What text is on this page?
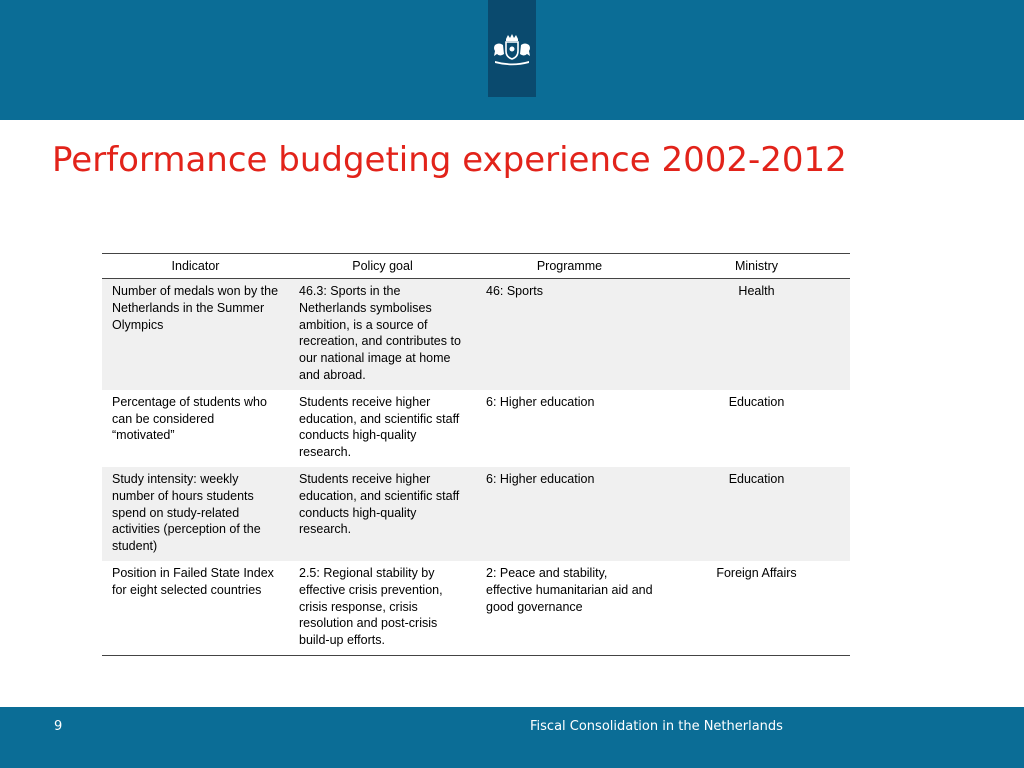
Performance budgeting experience 2002-2012
Indicator	Policy goal	Programme	Ministry
Number of medals won by the Netherlands in the Summer Olympics	46.3: Sports in the Netherlands symbolises ambition, is a source of recreation, and contributes to our national image at home and abroad.	46: Sports	Health
Percentage of students who can be considered “motivated”	Students receive higher education, and scientific staff conducts high-quality research.	6: Higher education	Education
Study intensity: weekly number of hours students spend on study-related activities (perception of the student)	Students receive higher education, and scientific staff conducts high-quality research.	6: Higher education	Education
Position in Failed State Index for eight selected countries	2.5: Regional stability by effective crisis prevention, crisis response, crisis resolution and post-crisis build-up efforts.	2: Peace and stability, effective humanitarian aid and good governance	Foreign Affairs
9	Fiscal Consolidation in the Netherlands
